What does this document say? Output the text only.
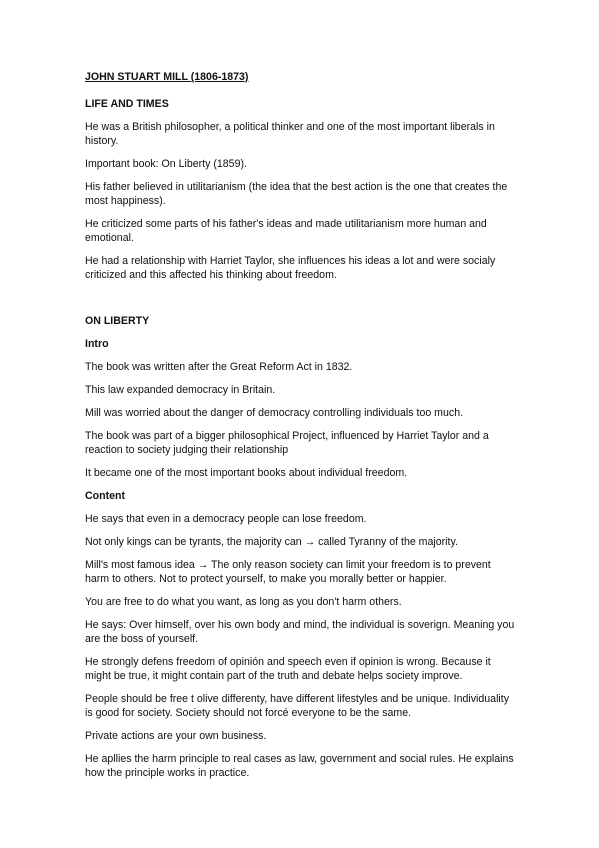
JOHN STUART MILL (1806-1873)
LIFE AND TIMES

He was a British philosopher, a political thinker and one of the most important liberals in history.

Important book: On Liberty (1859).

His father believed in utilitarianism (the idea that the best action is the one that creates the most happiness).

He criticized some parts of his father's ideas and made utilitarianism more human and emotional.

He had a relationship with Harriet Taylor, she influences his ideas a lot and were socialy criticized and this affected his thinking about freedom.

ON LIBERTY
Intro

The book was written after the Great Reform Act in 1832.

This law expanded democracy in Britain.

Mill was worried about the danger of democracy controlling individuals too much.

The book was part of a bigger philosophical Project, influenced by Harriet Taylor and a reaction to society judging their relationship

It became one of the most important books about individual freedom.

Content

He says that even in a democracy people can lose freedom.

Not only kings can be tyrants, the majority can → called Tyranny of the majority.

Mill's most famous idea → The only reason society can limit your freedom is to prevent harm to others. Not to protect yourself, to make you morally better or happier.

You are free to do what you want, as long as you don't harm others.

He says: Over himself, over his own body and mind, the individual is soverign. Meaning you are the boss of yourself.

He strongly defens freedom of opinión and speech even if opinion is wrong. Because it might be true, it might contain part of the truth and debate helps society improve.

People should be free t olive differenty, have different lifestyles and be unique. Individuality is good for society. Society should not forcé everyone to be the same.

Private actions are your own business.

He apllies the harm principle to real cases as law, government and social rules. He explains how the principle works in practice.
